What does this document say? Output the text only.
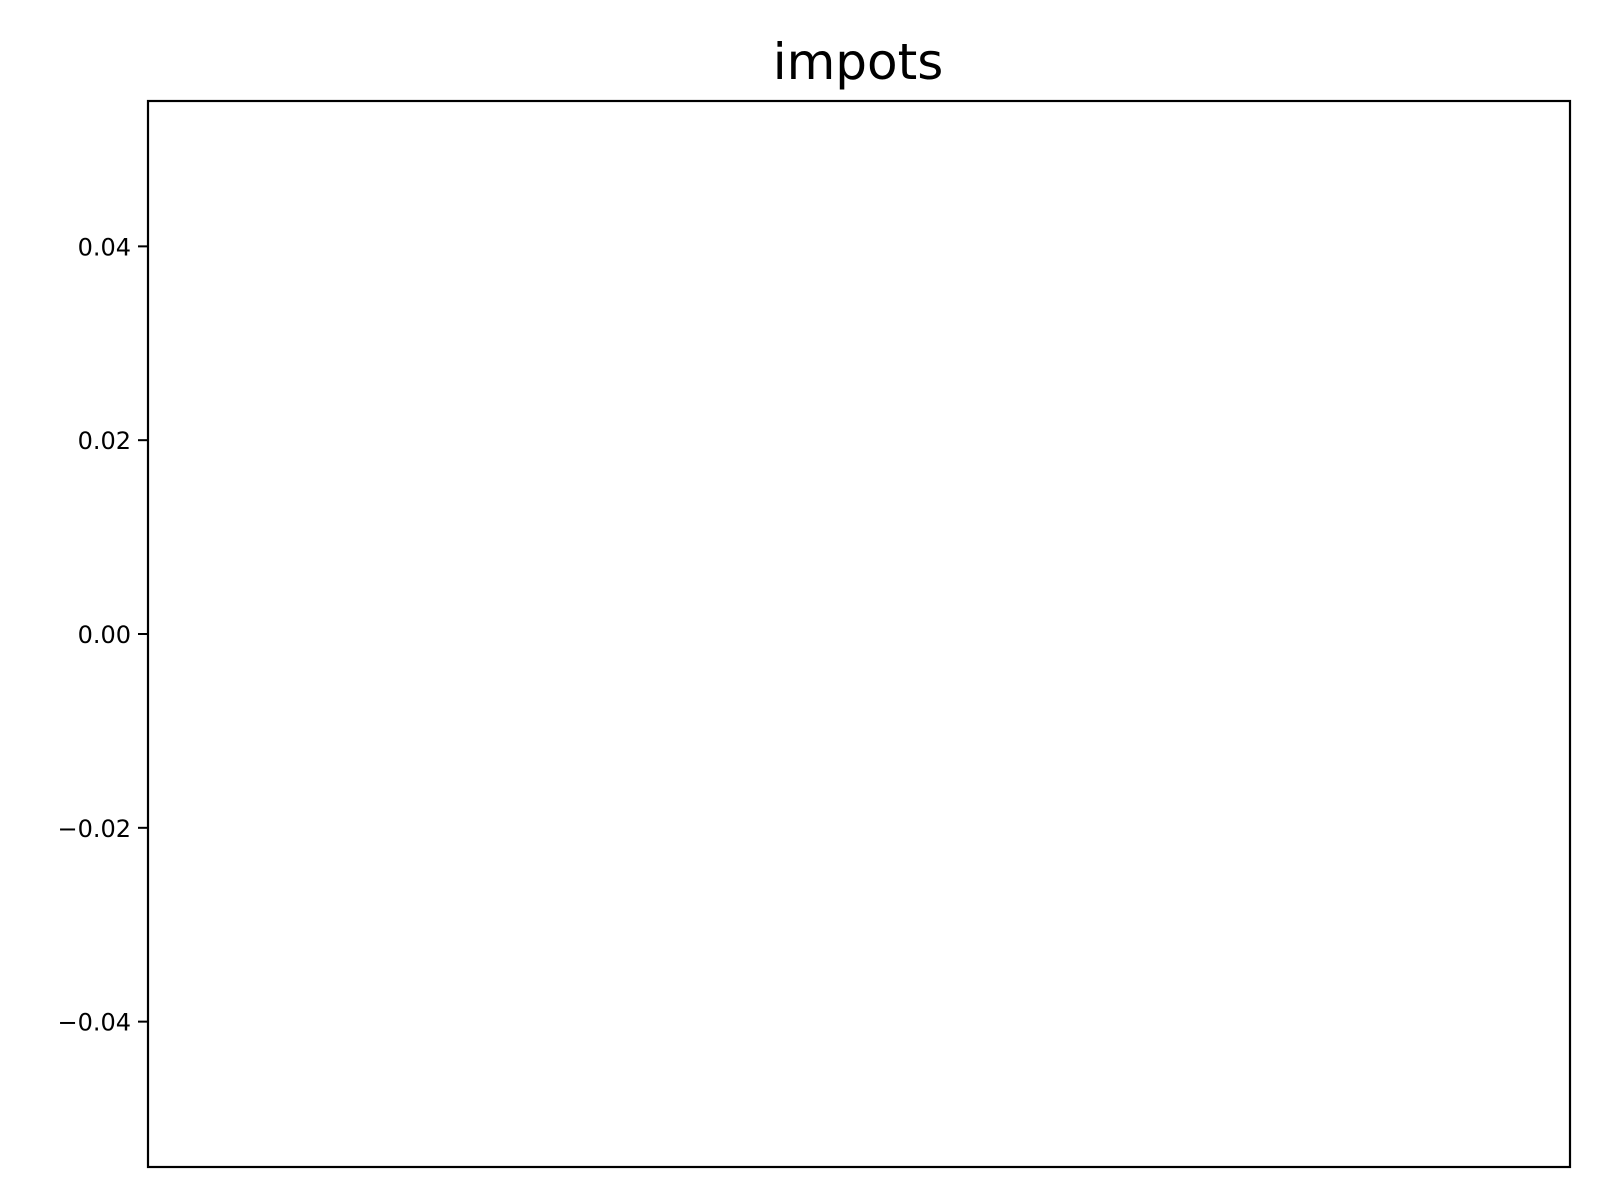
impots
0.04
0.02
0.00
−0.02
−0.04
